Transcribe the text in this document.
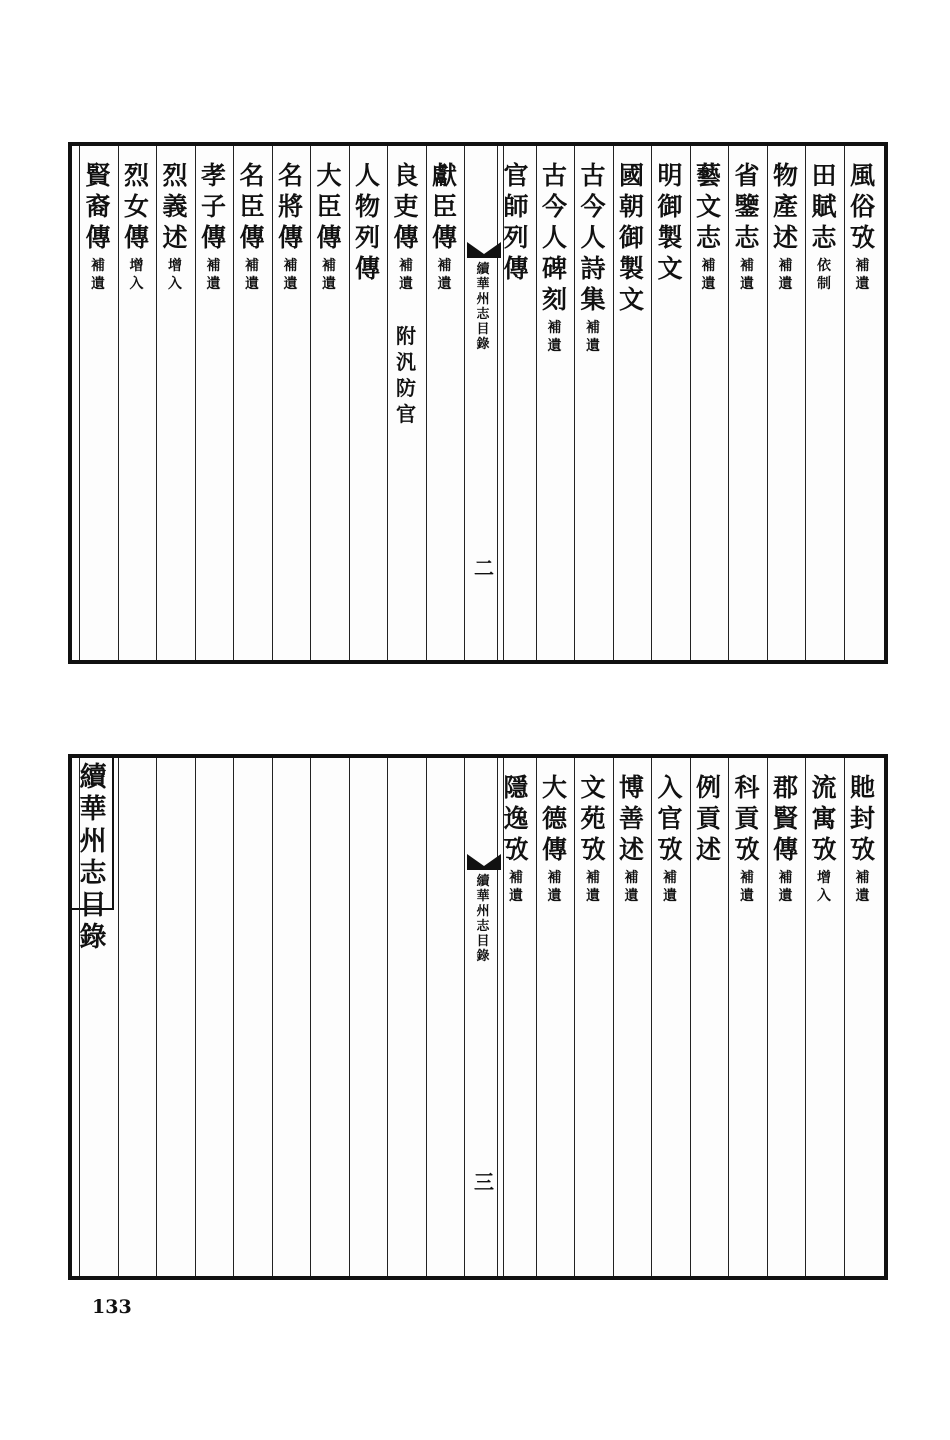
風
俗
攷
補
遺
田
賦
志
依
制
物
產
述
補
遺
省
鑒
志
補
遺
藝
文
志
補
遺
明
御
製
文
國
朝
御
製
文
古
今
人
詩
集
補
遺
古
今
人
碑
刻
補
遺
官
師
列
傳
獻
臣
傳
補
遺
良
吏
傳
補
遺
附
汎
防
官
人
物
列
傳
大
臣
傳
補
遺
名
將
傳
補
遺
名
臣
傳
補
遺
孝
子
傳
補
遺
烈
義
述
增
入
烈
女
傳
增
入
賢
裔
傳
補
遺
續
華
州
志
目
錄
二
續
華
州
志
目
錄
貤
封
攷
補
遺
流
寓
攷
增
入
郡
賢
傳
補
遺
科
貢
攷
補
遺
例
貢
述
入
官
攷
補
遺
博
善
述
補
遺
文
苑
攷
補
遺
大
德
傳
補
遺
隱
逸
攷
補
遺
續
華
州
志
目
錄
三
133
